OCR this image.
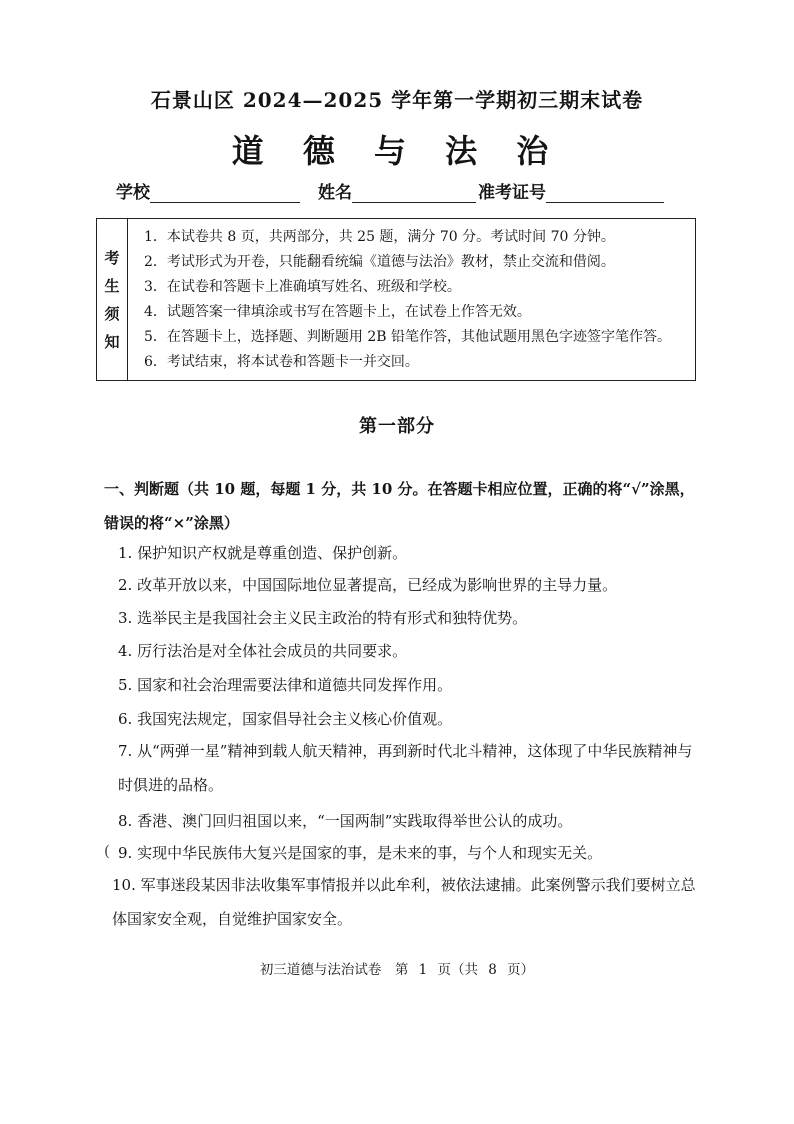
石景山区 2024—2025 学年第一学期初三期末试卷
道 德 与 法 治
学校	姓名	准考证号
考
生
须
知
1．本试卷共 8 页，共两部分，共 25 题，满分 70 分。考试时间 70 分钟。
2．考试形式为开卷，只能翻看统编《道德与法治》教材，禁止交流和借阅。
3．在试卷和答题卡上准确填写姓名、班级和学校。
4．试题答案一律填涂或书写在答题卡上，在试卷上作答无效。
5．在答题卡上，选择题、判断题用 2B 铅笔作答，其他试题用黑色字迹签字笔作答。
6．考试结束，将本试卷和答题卡一并交回。
第一部分
一、判断题（共 10 题，每题 1 分，共 10 分。在答题卡相应位置，正确的将“√”涂黑，错误的将“×”涂黑）
1. 保护知识产权就是尊重创造、保护创新。
2. 改革开放以来，中国国际地位显著提高，已经成为影响世界的主导力量。
3. 选举民主是我国社会主义民主政治的特有形式和独特优势。
4. 厉行法治是对全体社会成员的共同要求。
5. 国家和社会治理需要法律和道德共同发挥作用。
6. 我国宪法规定，国家倡导社会主义核心价值观。
7. 从“两弹一星”精神到载人航天精神，再到新时代北斗精神，这体现了中华民族精神与时俱进的品格。
8. 香港、澳门回归祖国以来，“一国两制”实践取得举世公认的成功。
( 9. 实现中华民族伟大复兴是国家的事，是未来的事，与个人和现实无关。
10. 军事迷段某因非法收集军事情报并以此牟利，被依法逮捕。此案例警示我们要树立总体国家安全观，自觉维护国家安全。
初三道德与法治试卷　第 1 页（共 8 页）
